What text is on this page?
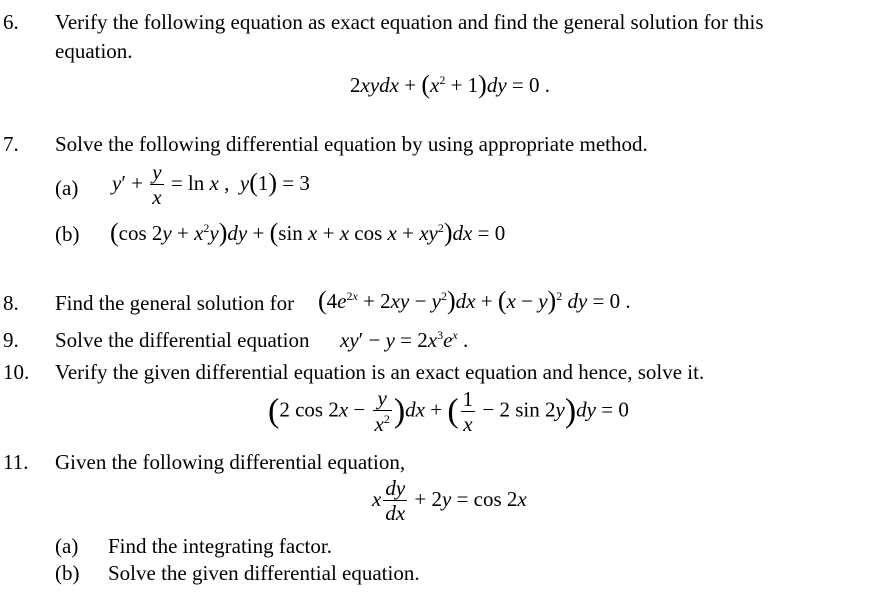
6. Verify the following equation as exact equation and find the general solution for this
equation.
2xydx + $(x^2 + 1)dy = 0$ .
7. Solve the following differential equation by using appropriate method.
(a) $y' + \frac{y}{x} = \ln x$ ,  y(1) = 3
(b) (cos $2y + x^2y)dy + (\sin$ x + x $\cos x + xy^2)dx = 0$
8. Find the general solution for $(4e^{2x} + 2xy - y^2)dx + (x - y)^2$ dy = 0 .
9. Solve the differential equation $xy' - y = 2x^3e^x$ .
10. Verify the given differential equation is an exact equation and hence, solve it.
(2 $\cos 2x - \frac{y}{x^2} )dx$ + ( $\frac{1}{x} - 2$ sin 2y)dy = 0
11. Given the following differential equation,
x $\frac{dy}{dx} + 2y = \cos 2x$
(a) Find the integrating factor.
(b) Solve the given differential equation.
